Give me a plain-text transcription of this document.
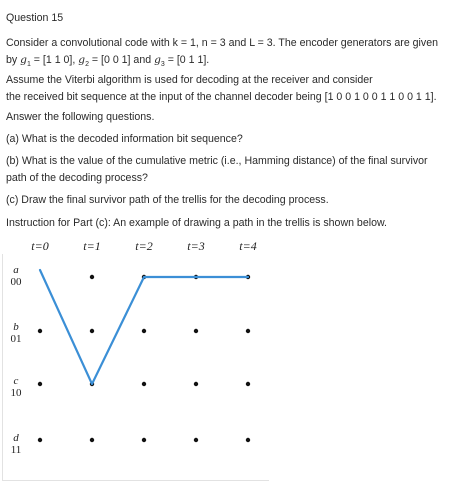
Question 15
Consider a convolutional code with k = 1, n = 3 and L = 3. The encoder generators are given
by $g_1 = [1$ 1 0], $g_2 = [0$ 0 1] and $g_3 = [0$ 1 1].
Assume the Viterbi algorithm is used for decoding at the receiver and consider
the received bit sequence at the input of the channel decoder being [1 0 0 1 0 0 1 1 0 0 1 1].
Answer the following questions.
(a) What is the decoded information bit sequence?
(b) What is the value of the cumulative metric (i.e., Hamming distance) of the final survivor
path of the decoding process?
(c) Draw the final survivor path of the trellis for the decoding process.
Instruction for Part (c): An example of drawing a path in the trellis is shown below.
t=0	t=1	t=2	t=3	t=4
a
00
b
01
c
10
d
11
